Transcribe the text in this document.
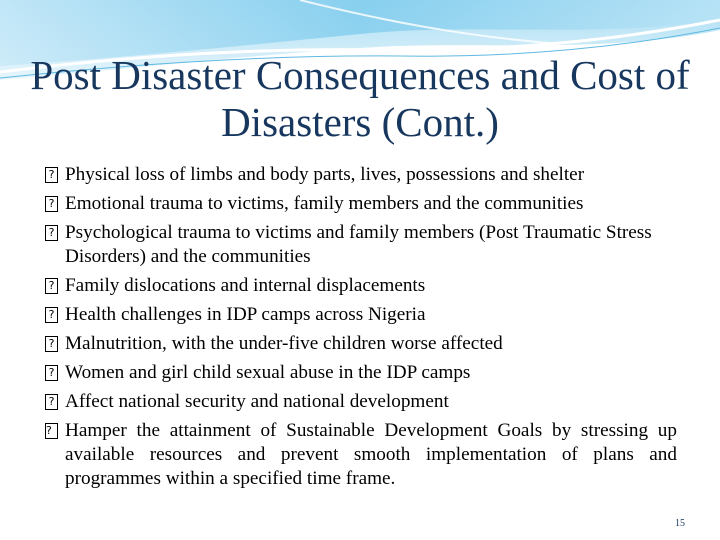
Post Disaster Consequences and Cost of Disasters (Cont.)
? Physical loss of limbs and body parts, lives, possessions and shelter
? Emotional trauma to victims, family members and the communities
? Psychological trauma to victims and family members (Post Traumatic Stress Disorders) and the communities
? Family dislocations and internal displacements
? Health challenges in IDP camps across Nigeria
? Malnutrition, with the under-five children worse affected
? Women and girl child sexual abuse in the IDP camps
? Affect national security and national development
? Hamper the attainment of Sustainable Development Goals by stressing up available resources and prevent smooth implementation of plans and programmes within a specified time frame.
15
